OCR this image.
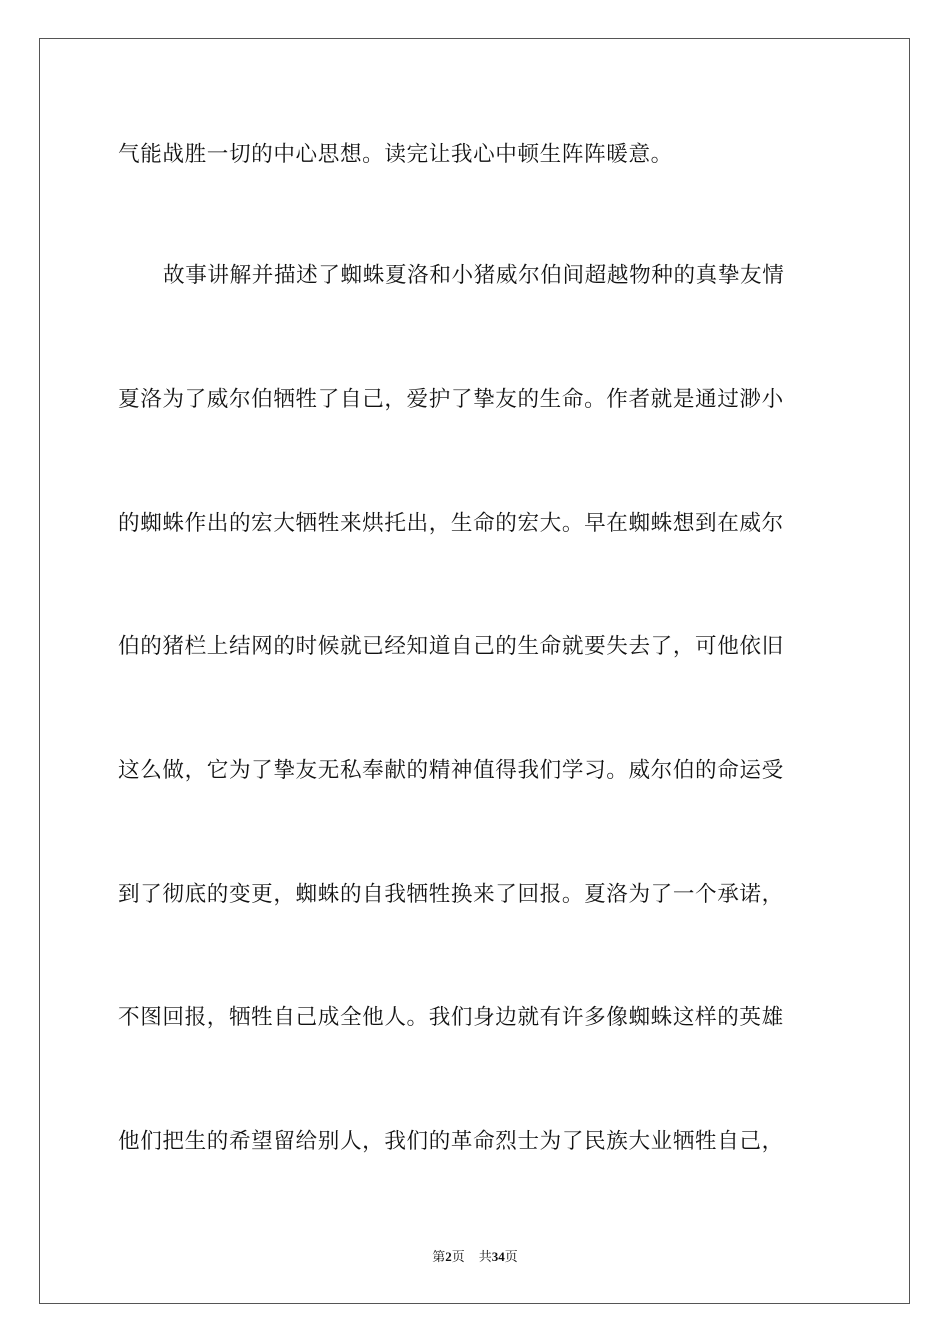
气能战胜一切的中心思想。读完让我心中顿生阵阵暖意。
故事讲解并描述了蜘蛛夏洛和小猪威尔伯间超越物种的真挚友情
夏洛为了威尔伯牺牲了自己，爱护了挚友的生命。作者就是通过渺小
的蜘蛛作出的宏大牺牲来烘托出，生命的宏大。早在蜘蛛想到在威尔
伯的猪栏上结网的时候就已经知道自己的生命就要失去了，可他依旧
这么做，它为了挚友无私奉献的精神值得我们学习。威尔伯的命运受
到了彻底的变更，蜘蛛的自我牺牲换来了回报。夏洛为了一个承诺，
不图回报，牺牲自己成全他人。我们身边就有许多像蜘蛛这样的英雄
他们把生的希望留给别人，我们的革命烈士为了民族大业牺牲自己，
第2页 共34页
